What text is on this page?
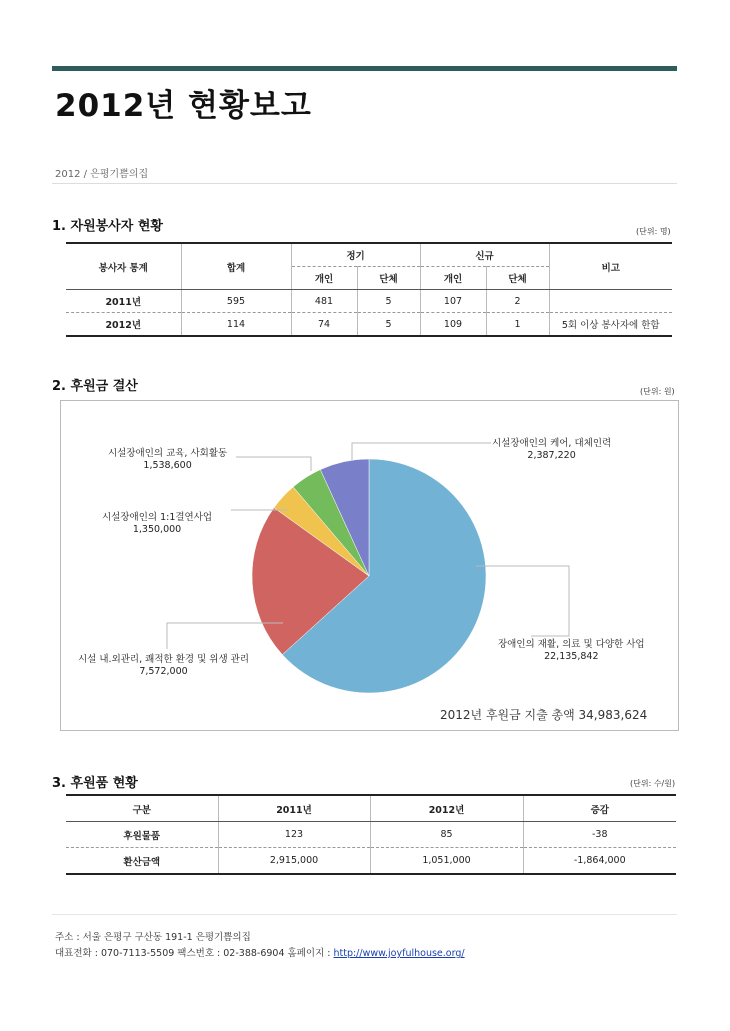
2012년 현황보고
2012 / 은평기쁨의집
1. 자원봉사자 현황	(단위: 명)
봉사자 통계	합계	정기		신규		비고
		개인	단체	개인	단체	
2011년	595	481	5	107	2	
2012년	114	74	5	109	1	5회 이상 봉사자에 한함
2. 후원금 결산	(단위: 원)
장애인의 재활, 의료 및 다양한 사업
22,135,842
시설 내.외관리, 쾌적한 환경 및 위생 관리
7,572,000
시설장애인의 1:1결연사업
1,350,000
시설장애인의 교육, 사회활동
1,538,600
시설장애인의 케어, 대체인력
2,387,220
2012년 후원금 지출 총액 34,983,624
3. 후원품 현황	(단위: 수/원)
구분	2011년	2012년	증감
후원물품	123	85	-38
환산금액	2,915,000	1,051,000	-1,864,000
주소 : 서울 은평구 구산동 191-1 은평기쁨의집
대표전화 : 070-7113-5509 팩스번호 : 02-388-6904 홈페이지 : http://www.joyfulhouse.org/
